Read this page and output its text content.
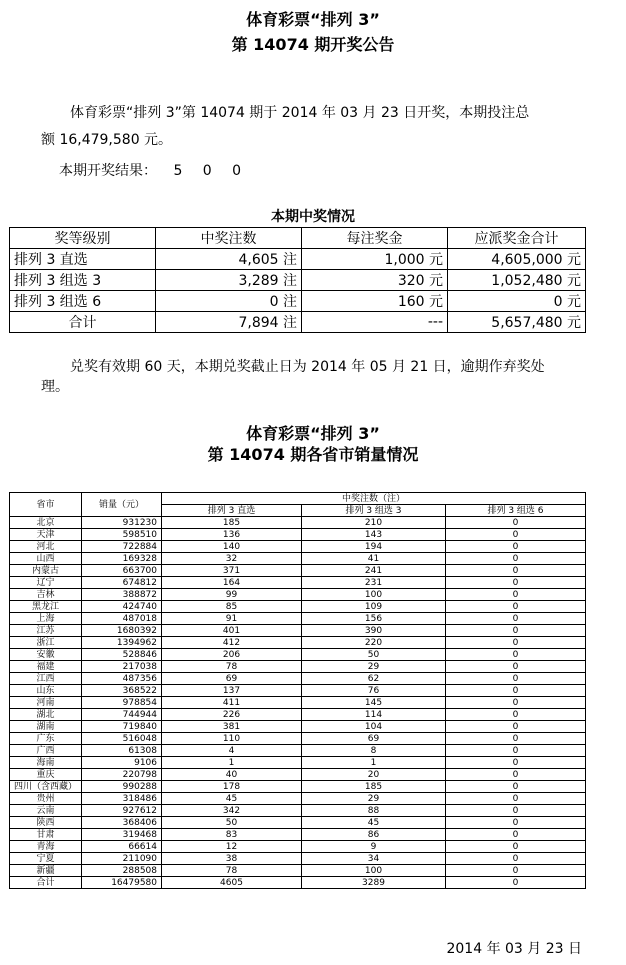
体育彩票“排列 3”
第 14074 期开奖公告
体育彩票“排列 3”第 14074 期于 2014 年 03 月 23 日开奖，本期投注总
额 16,479,580 元。
本期开奖结果： 5 0 0
本期中奖情况
奖等级别	中奖注数	每注奖金	应派奖金合计
排列 3 直选	4,605 注	1,000 元	4,605,000 元
排列 3 组选 3	3,289 注	320 元	1,052,480 元
排列 3 组选 6	0 注	160 元	0 元
合计	7,894 注	---	5,657,480 元
兑奖有效期 60 天，本期兑奖截止日为 2014 年 05 月 21 日，逾期作弃奖处
理。
体育彩票“排列 3”
第 14074 期各省市销量情况
省市	销量（元）	中奖注数（注）		
		排列 3 直选	排列 3 组选 3	排列 3 组选 6
北京	931230	185	210	0
天津	598510	136	143	0
河北	722884	140	194	0
山西	169328	32	41	0
内蒙古	663700	371	241	0
辽宁	674812	164	231	0
吉林	388872	99	100	0
黑龙江	424740	85	109	0
上海	487018	91	156	0
江苏	1680392	401	390	0
浙江	1394962	412	220	0
安徽	528846	206	50	0
福建	217038	78	29	0
江西	487356	69	62	0
山东	368522	137	76	0
河南	978854	411	145	0
湖北	744944	226	114	0
湖南	719840	381	104	0
广东	516048	110	69	0
广西	61308	4	8	0
海南	9106	1	1	0
重庆	220798	40	20	0
四川（含西藏）	990288	178	185	0
贵州	318486	45	29	0
云南	927612	342	88	0
陕西	368406	50	45	0
甘肃	319468	83	86	0
青海	66614	12	9	0
宁夏	211090	38	34	0
新疆	288508	78	100	0
合计	16479580	4605	3289	0
2014 年 03 月 23 日
